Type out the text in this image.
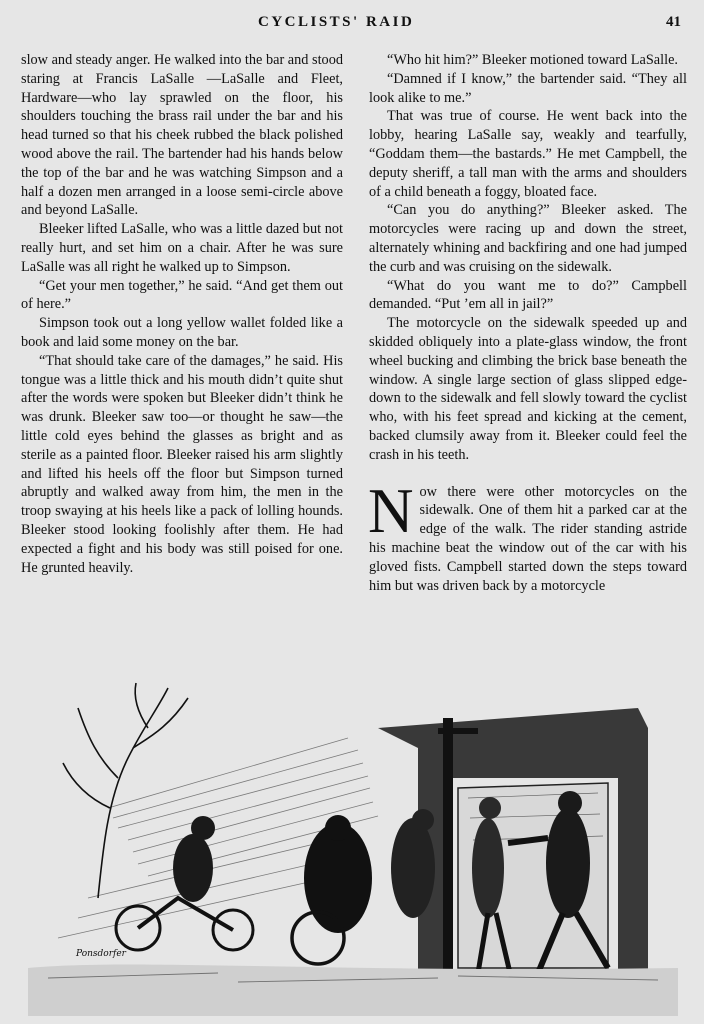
CYCLISTS' RAID	41

slow and steady anger. He walked into the bar and stood staring at Francis LaSalle —LaSalle and Fleet, Hardware—who lay sprawled on the floor, his shoulders touching the brass rail under the bar and his head turned so that his cheek rubbed the black polished wood above the rail. The bartender had his hands below the top of the bar and he was watching Simpson and a half a dozen men arranged in a loose semi-circle above and beyond LaSalle.

Bleeker lifted LaSalle, who was a little dazed but not really hurt, and set him on a chair. After he was sure LaSalle was all right he walked up to Simpson.

“Get your men together,” he said. “And get them out of here.”

Simpson took out a long yellow wallet folded like a book and laid some money on the bar.

“That should take care of the damages,” he said. His tongue was a little thick and his mouth didn’t quite shut after the words were spoken but Bleeker didn’t think he was drunk. Bleeker saw too—or thought he saw—the little cold eyes behind the glasses as bright and as sterile as a painted floor. Bleeker raised his arm slightly and lifted his heels off the floor but Simpson turned abruptly and walked away from him, the men in the troop swaying at his heels like a pack of lolling hounds. Bleeker stood looking foolishly after them. He had expected a fight and his body was still poised for one. He grunted heavily.

“Who hit him?” Bleeker motioned toward LaSalle.

“Damned if I know,” the bartender said. “They all look alike to me.”

That was true of course. He went back into the lobby, hearing LaSalle say, weakly and tearfully, “Goddam them—the bastards.” He met Campbell, the deputy sheriff, a tall man with the arms and shoulders of a child beneath a foggy, bloated face.

“Can you do anything?” Bleeker asked. The motorcycles were racing up and down the street, alternately whining and backfiring and one had jumped the curb and was cruising on the sidewalk.

“What do you want me to do?” Campbell demanded. “Put ’em all in jail?”

The motorcycle on the sidewalk speeded up and skidded obliquely into a plate-glass window, the front wheel bucking and climbing the brick base beneath the window. A single large section of glass slipped edge-down to the sidewalk and fell slowly toward the cyclist who, with his feet spread and kicking at the cement, backed clumsily away from it. Bleeker could feel the crash in his teeth.

Now there were other motorcycles on the sidewalk. One of them hit a parked car at the edge of the walk. The rider standing astride his machine beat the window out of the car with his gloved fists. Campbell started down the steps toward him but was driven back by a motorcycle

Ponsdorfer
